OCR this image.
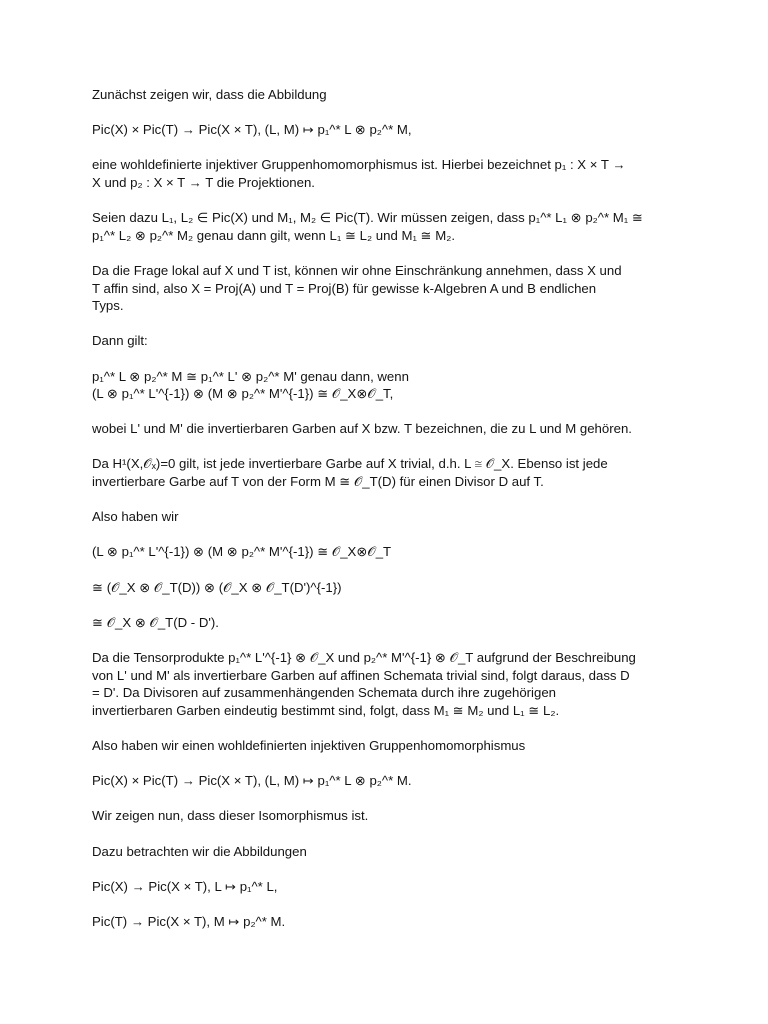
Zunächst zeigen wir, dass die Abbildung

Pic(X) × Pic(T) → Pic(X × T), (L, M) ↦ p₁^* L ⊗ p₂^* M,

eine wohldefinierte injektiver Gruppenhomomorphismus ist. Hierbei bezeichnet p₁ : X × T →
X und p₂ : X × T → T die Projektionen.

Seien dazu L₁, L₂ ∈ Pic(X) und M₁, M₂ ∈ Pic(T). Wir müssen zeigen, dass p₁^* L₁ ⊗ p₂^* M₁ ≅
p₁^* L₂ ⊗ p₂^* M₂ genau dann gilt, wenn L₁ ≅ L₂ und M₁ ≅ M₂.

Da die Frage lokal auf X und T ist, können wir ohne Einschränkung annehmen, dass X und
T affin sind, also X = Proj(A) und T = Proj(B) für gewisse k-Algebren A und B endlichen
Typs.

Dann gilt:

p₁^* L ⊗ p₂^* M ≅ p₁^* L' ⊗ p₂^* M' genau dann, wenn
(L ⊗ p₁^* L'^{-1}) ⊗ (M ⊗ p₂^* M'^{-1}) ≅ 𝒪_X⊗𝒪_T,

wobei L' und M' die invertierbaren Garben auf X bzw. T bezeichnen, die zu L und M gehören.

Da H¹(X,𝒪ₓ)=0 gilt, ist jede invertierbare Garbe auf X trivial, d.h. L ≅ 𝒪_X. Ebenso ist jede
invertierbare Garbe auf T von der Form M ≅ 𝒪_T(D) für einen Divisor D auf T.

Also haben wir

(L ⊗ p₁^* L'^{-1}) ⊗ (M ⊗ p₂^* M'^{-1}) ≅ 𝒪_X⊗𝒪_T

≅ (𝒪_X ⊗ 𝒪_T(D)) ⊗ (𝒪_X ⊗ 𝒪_T(D')^{-1})

≅ 𝒪_X ⊗ 𝒪_T(D - D').

Da die Tensorprodukte p₁^* L'^{-1} ⊗ 𝒪_X und p₂^* M'^{-1} ⊗ 𝒪_T aufgrund der Beschreibung
von L' und M' als invertierbare Garben auf affinen Schemata trivial sind, folgt daraus, dass D
= D'. Da Divisoren auf zusammenhängenden Schemata durch ihre zugehörigen
invertierbaren Garben eindeutig bestimmt sind, folgt, dass M₁ ≅ M₂ und L₁ ≅ L₂.

Also haben wir einen wohldefinierten injektiven Gruppenhomomorphismus

Pic(X) × Pic(T) → Pic(X × T), (L, M) ↦ p₁^* L ⊗ p₂^* M.

Wir zeigen nun, dass dieser Isomorphismus ist.

Dazu betrachten wir die Abbildungen

Pic(X) → Pic(X × T), L ↦ p₁^* L,

Pic(T) → Pic(X × T), M ↦ p₂^* M.
